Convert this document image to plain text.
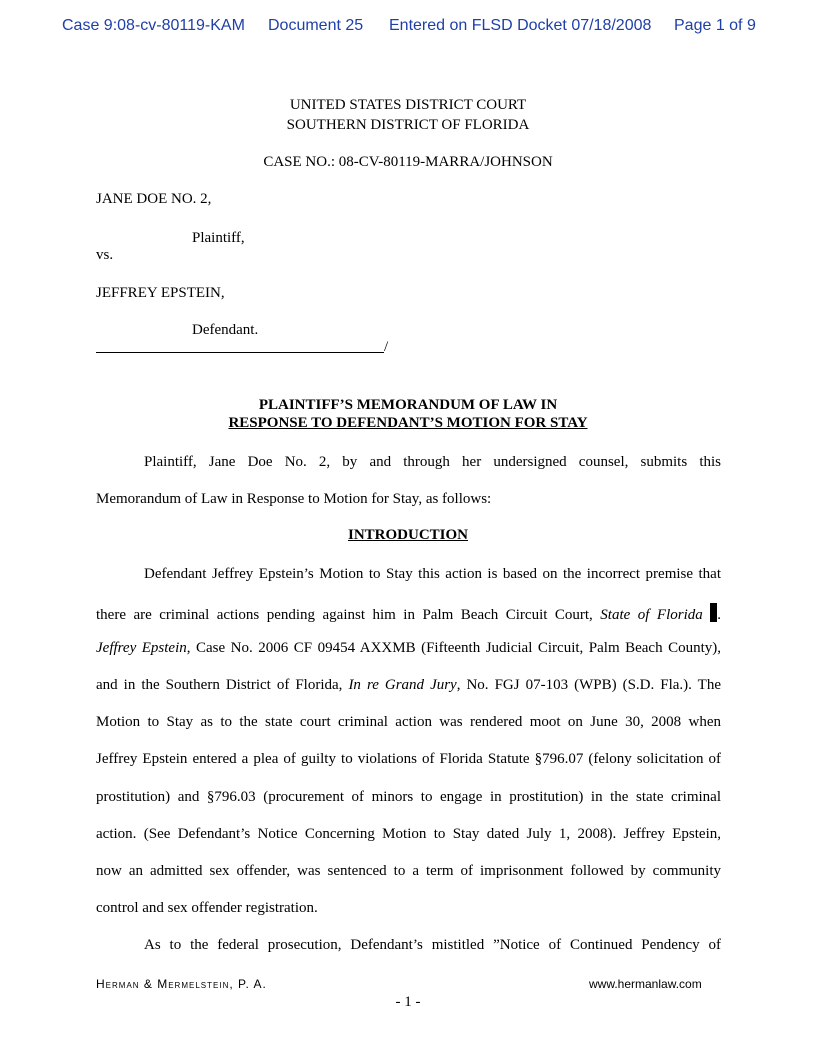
Case 9:08-cv-80119-KAM Document 25 Entered on FLSD Docket 07/18/2008 Page 1 of 9
UNITED STATES DISTRICT COURT
SOUTHERN DISTRICT OF FLORIDA
CASE NO.: 08-CV-80119-MARRA/JOHNSON
JANE DOE NO. 2,
Plaintiff,
vs.
JEFFREY EPSTEIN,
Defendant.
/
PLAINTIFF’S MEMORANDUM OF LAW IN
RESPONSE TO DEFENDANT’S MOTION FOR STAY
Plaintiff, Jane Doe No. 2, by and through her undersigned counsel, submits this
Memorandum of Law in Response to Motion for Stay, as follows:
INTRODUCTION
Defendant Jeffrey Epstein’s Motion to Stay this action is based on the incorrect premise that
there are criminal actions pending against him in Palm Beach Circuit Court, State of Florida .
Jeffrey Epstein, Case No. 2006 CF 09454 AXXMB (Fifteenth Judicial Circuit, Palm Beach County),
and in the Southern District of Florida, In re Grand Jury, No. FGJ 07-103 (WPB) (S.D. Fla.). The
Motion to Stay as to the state court criminal action was rendered moot on June 30, 2008 when
Jeffrey Epstein entered a plea of guilty to violations of Florida Statute §796.07 (felony solicitation of
prostitution) and §796.03 (procurement of minors to engage in prostitution) in the state criminal
action. (See Defendant’s Notice Concerning Motion to Stay dated July 1, 2008). Jeffrey Epstein,
now an admitted sex offender, was sentenced to a term of imprisonment followed by community
control and sex offender registration.
As to the federal prosecution, Defendant’s mistitled ”Notice of Continued Pendency of
Herman & Mermelstein, P. A.	www.hermanlaw.com
- 1 -
